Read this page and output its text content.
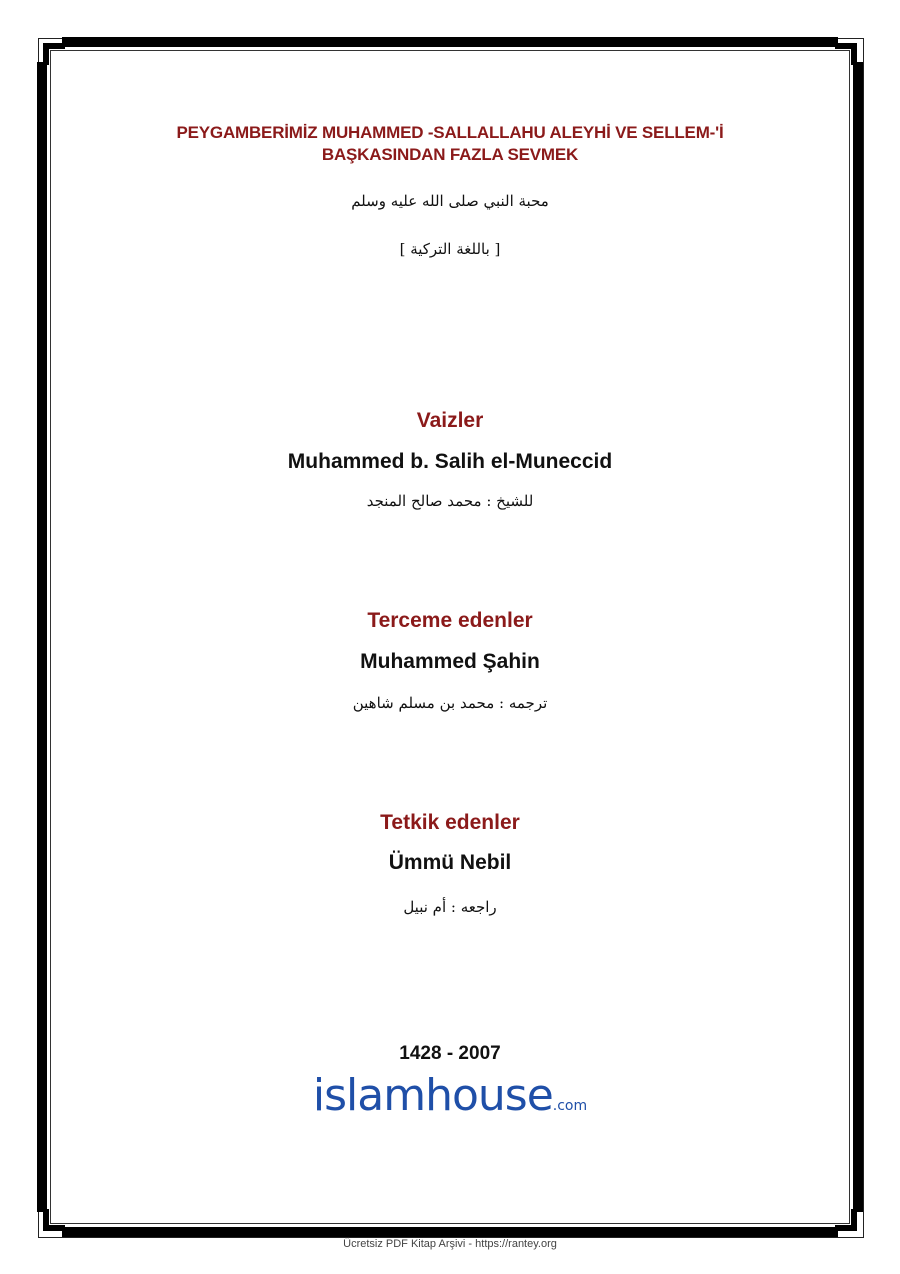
PEYGAMBERİMİZ MUHAMMED -SALLALLAHU ALEYHİ VE SELLEM-'İ
BAŞKASINDAN FAZLA SEVMEK
محبة النبي صلى الله عليه وسلم
[ باللغة التركية ]
Vaizler
Muhammed b. Salih el-Muneccid
للشيخ : محمد صالح المنجد
Terceme edenler
Muhammed Şahin
ترجمه : محمد بن مسلم شاهين
Tetkik edenler
Ümmü Nebil
راجعه : أم نبيل
1428 - 2007
islamhouse.com
Ücretsiz PDF Kitap Arşivi - https://rantey.org
